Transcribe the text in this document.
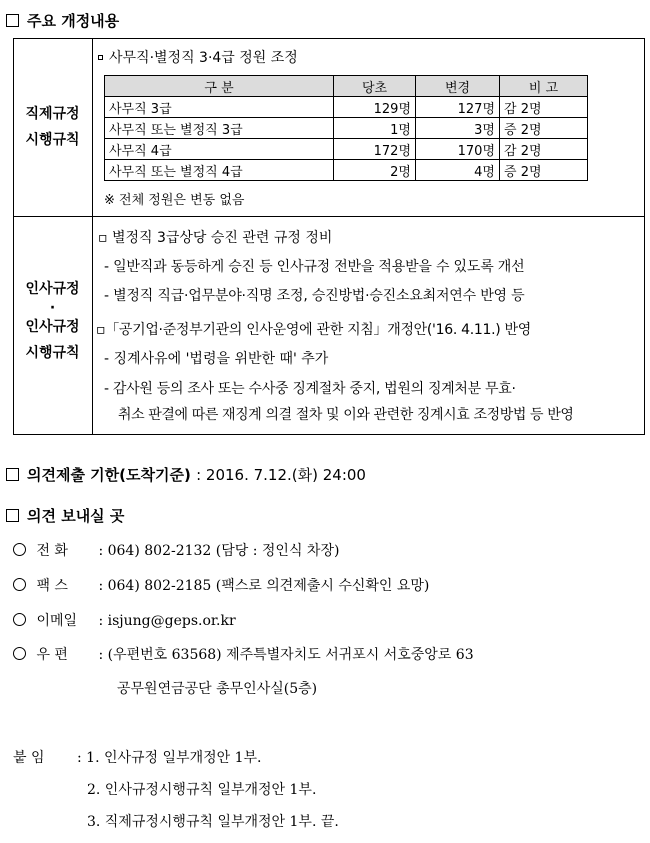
주요 개정내용
직제규정
시행규칙
사무직·별정직 3·4급 정원 조정
구 분	당초	변경	비 고
사무직 3급	129명	127명	감 2명
사무직 또는 별정직 3급	1명	3명	증 2명
사무직 4급	172명	170명	감 2명
사무직 또는 별정직 4급	2명	4명	증 2명
※ 전체 정원은 변동 없음
인사규정
·
인사규정
시행규칙
▫ 별정직 3급상당 승진 관련 규정 정비
- 일반직과 동등하게 승진 등 인사규정 전반을 적용받을 수 있도록 개선
- 별정직 직급·업무분야·직명 조정, 승진방법·승진소요최저연수 반영 등
▫「공기업·준정부기관의 인사운영에 관한 지침」개정안('16. 4.11.) 반영
- 징계사유에 '법령을 위반한 때' 추가
- 감사원 등의 조사 또는 수사중 징계절차 중지, 법원의 징계처분 무효·
취소 판결에 따른 재징계 의결 절차 및 이와 관련한 징계시효 조정방법 등 반영
의견제출 기한(도착기준) : 2016. 7.12.(화) 24:00
의견 보내실 곳
전 화 : 064) 802-2132 (담당 : 정인식 차장)
팩 스 : 064) 802-2185 (팩스로 의견제출시 수신확인 요망)
이메일 : isjung@geps.or.kr
우 편 : (우편번호 63568) 제주특별자치도 서귀포시 서호중앙로 63
공무원연금공단 총무인사실(5층)
붙 임 : 1. 인사규정 일부개정안 1부.
2. 인사규정시행규칙 일부개정안 1부.
3. 직제규정시행규칙 일부개정안 1부. 끝.
